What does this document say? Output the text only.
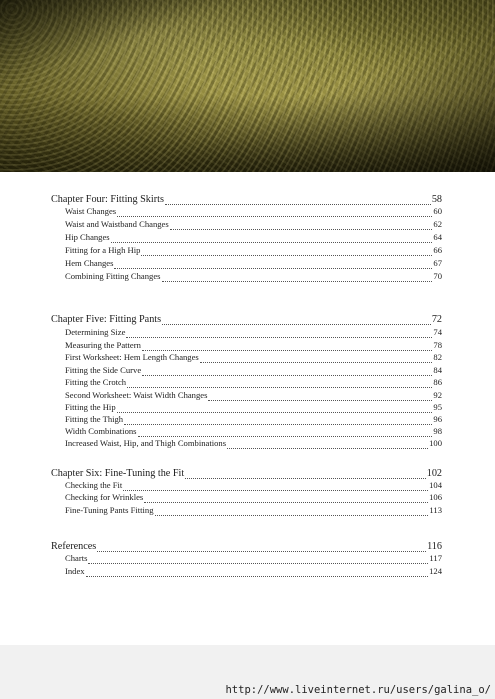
Chapter Four: Fitting Skirts	58
Waist Changes	60
Waist and Waistband Changes	62
Hip Changes	64
Fitting for a High Hip	66
Hem Changes	67
Combining Fitting Changes	70
Chapter Five: Fitting Pants	72
Determining Size	74
Measuring the Pattern	78
First Worksheet: Hem Length Changes	82
Fitting the Side Curve	84
Fitting the Crotch	86
Second Worksheet: Waist Width Changes	92
Fitting the Hip	95
Fitting the Thigh	96
Width Combinations	98
Increased Waist, Hip, and Thigh Combinations	100
Chapter Six: Fine-Tuning the Fit	102
Checking the Fit	104
Checking for Wrinkles	106
Fine-Tuning Pants Fitting	113
References	116
Charts	117
Index	124
http://www.liveinternet.ru/users/galina_o/
